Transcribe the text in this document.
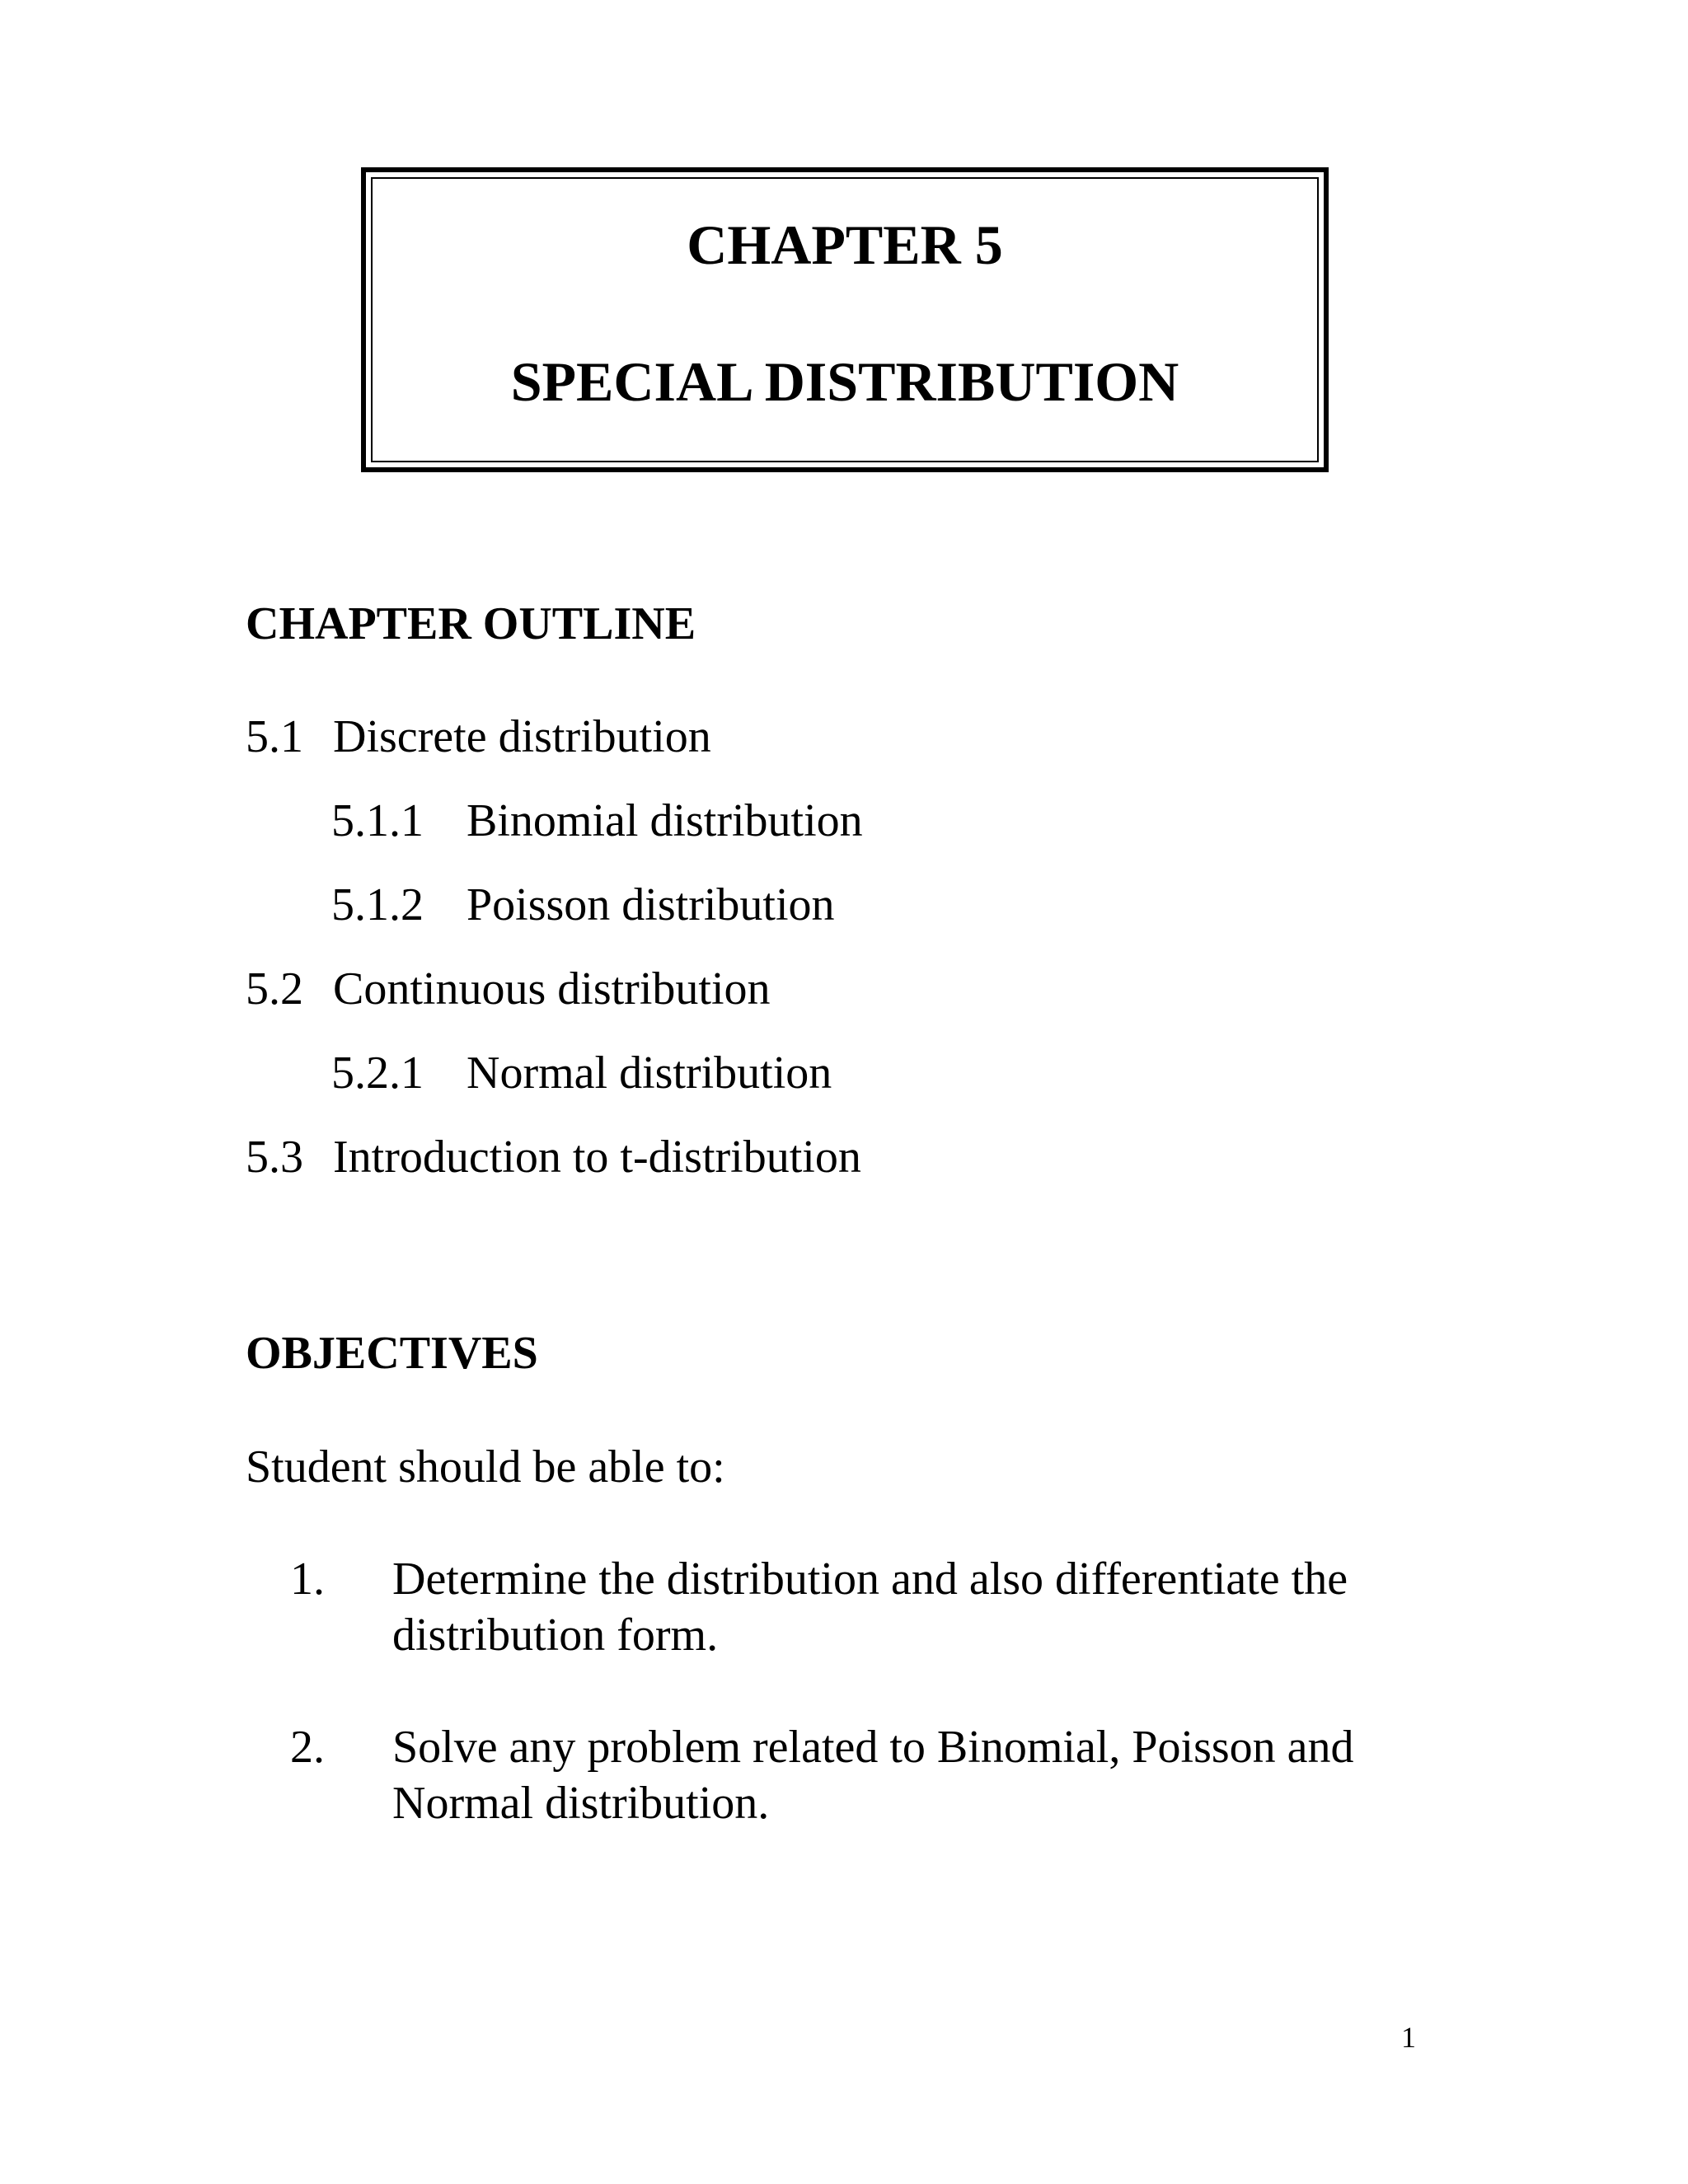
CHAPTER 5
SPECIAL DISTRIBUTION
CHAPTER OUTLINE
5.1 Discrete distribution
5.1.1 Binomial distribution
5.1.2 Poisson distribution
5.2 Continuous distribution
5.2.1 Normal distribution
5.3 Introduction to t-distribution
OBJECTIVES
Student should be able to:
1. Determine the distribution and also differentiate the distribution form.
2. Solve any problem related to Binomial, Poisson and Normal distribution.
1
